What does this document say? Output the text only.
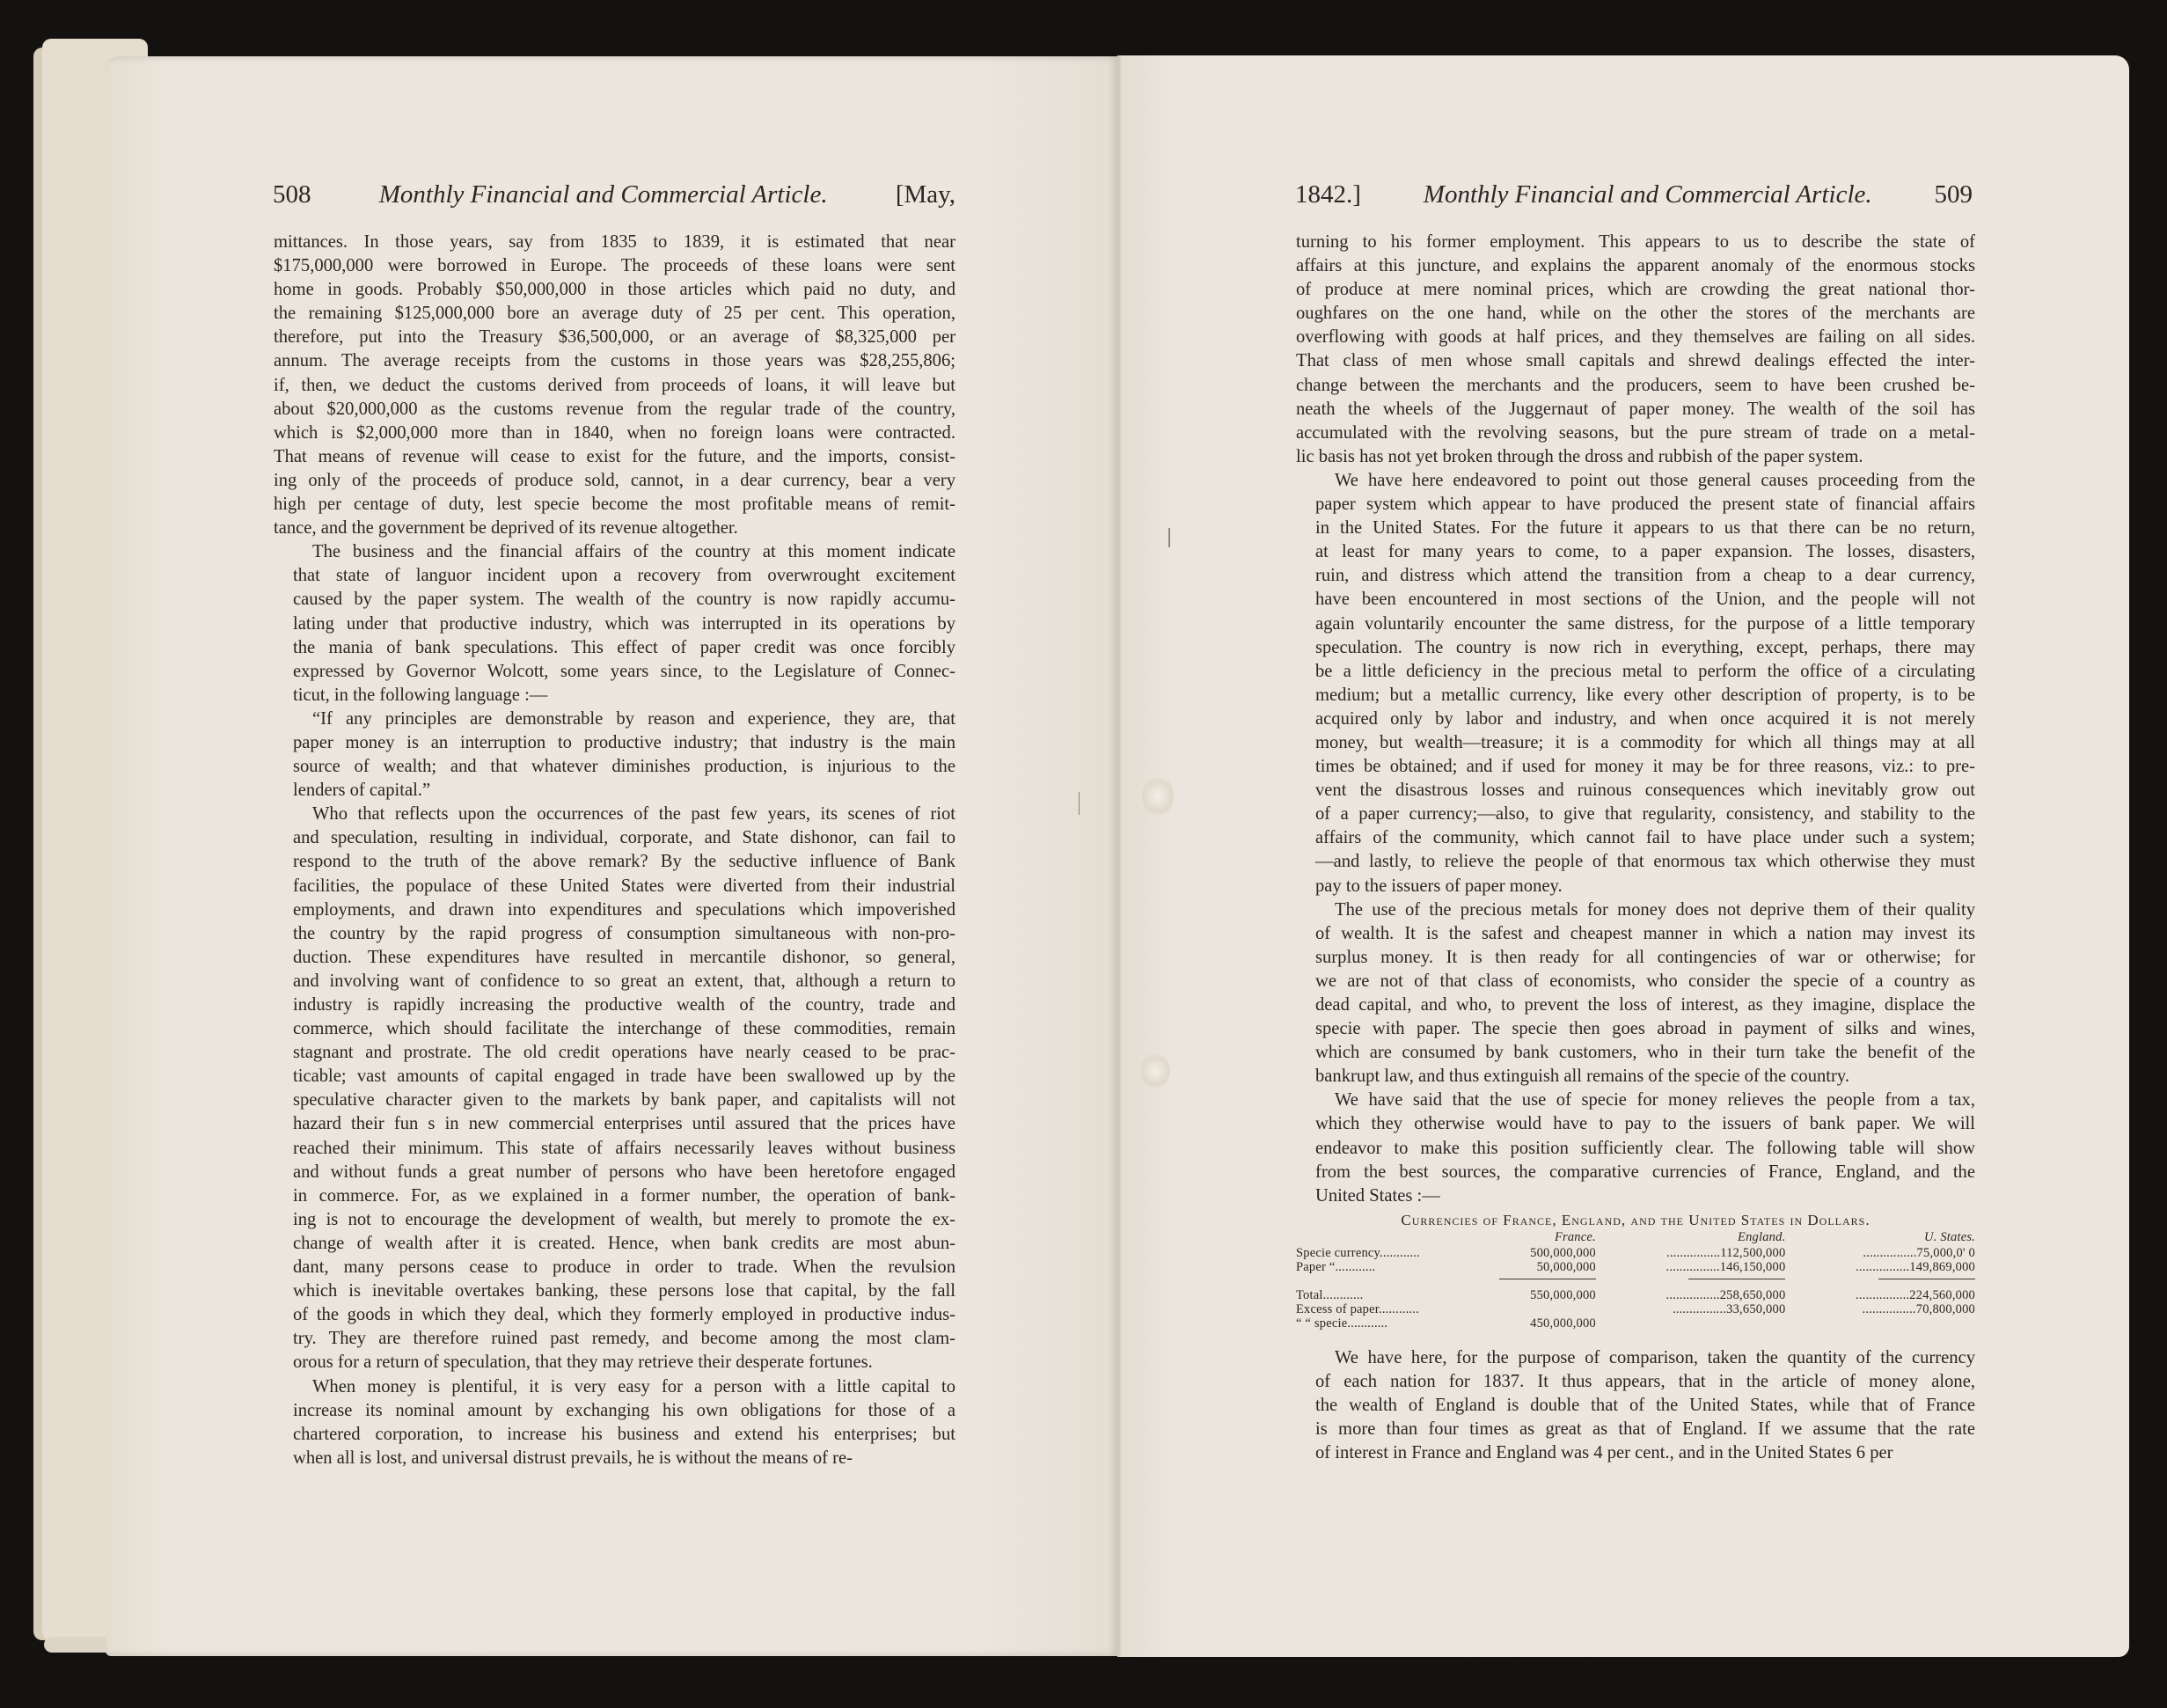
508	Monthly Financial and Commercial Article.	[May,	1842.] Monthly Financial and Commercial Article. 509

mittances. In those years, say from 1835 to 1839, it is estimated that near
$175,000,000 were borrowed in Europe. The proceeds of these loans were sent
home in goods. Probably $50,000,000 in those articles which paid no duty, and
the remaining $125,000,000 bore an average duty of 25 per cent. This operation,
therefore, put into the Treasury $36,500,000, or an average of $8,325,000 per
annum. The average receipts from the customs in those years was $28,255,806;
if, then, we deduct the customs derived from proceeds of loans, it will leave but
about $20,000,000 as the customs revenue from the regular trade of the country,
which is $2,000,000 more than in 1840, when no foreign loans were contracted.
That means of revenue will cease to exist for the future, and the imports, consist-
ing only of the proceeds of produce sold, cannot, in a dear currency, bear a very
high per centage of duty, lest specie become the most profitable means of remit-
tance, and the government be deprived of its revenue altogether.

The business and the financial affairs of the country at this moment indicate
that state of languor incident upon a recovery from overwrought excitement
caused by the paper system. The wealth of the country is now rapidly accumu-
lating under that productive industry, which was interrupted in its operations by
the mania of bank speculations. This effect of paper credit was once forcibly
expressed by Governor Wolcott, some years since, to the Legislature of Connec-
ticut, in the following language :—

“If any principles are demonstrable by reason and experience, they are, that
paper money is an interruption to productive industry; that industry is the main
source of wealth; and that whatever diminishes production, is injurious to the
lenders of capital.”

Who that reflects upon the occurrences of the past few years, its scenes of riot
and speculation, resulting in individual, corporate, and State dishonor, can fail to
respond to the truth of the above remark? By the seductive influence of Bank
facilities, the populace of these United States were diverted from their industrial
employments, and drawn into expenditures and speculations which impoverished
the country by the rapid progress of consumption simultaneous with non-pro-
duction. These expenditures have resulted in mercantile dishonor, so general,
and involving want of confidence to so great an extent, that, although a return to
industry is rapidly increasing the productive wealth of the country, trade and
commerce, which should facilitate the interchange of these commodities, remain
stagnant and prostrate. The old credit operations have nearly ceased to be prac-
ticable; vast amounts of capital engaged in trade have been swallowed up by the
speculative character given to the markets by bank paper, and capitalists will not
hazard their fun s in new commercial enterprises until assured that the prices have
reached their minimum. This state of affairs necessarily leaves without business
and without funds a great number of persons who have been heretofore engaged
in commerce. For, as we explained in a former number, the operation of bank-
ing is not to encourage the development of wealth, but merely to promote the ex-
change of wealth after it is created. Hence, when bank credits are most abun-
dant, many persons cease to produce in order to trade. When the revulsion
which is inevitable overtakes banking, these persons lose that capital, by the fall
of the goods in which they deal, which they formerly employed in productive indus-
try. They are therefore ruined past remedy, and become among the most clam-
orous for a return of speculation, that they may retrieve their desperate fortunes.

When money is plentiful, it is very easy for a person with a little capital to
increase its nominal amount by exchanging his own obligations for those of a
chartered corporation, to increase his business and extend his enterprises; but
when all is lost, and universal distrust prevails, he is without the means of re-

turning to his former employment. This appears to us to describe the state of
affairs at this juncture, and explains the apparent anomaly of the enormous stocks
of produce at mere nominal prices, which are crowding the great national thor-
oughfares on the one hand, while on the other the stores of the merchants are
overflowing with goods at half prices, and they themselves are failing on all sides.
That class of men whose small capitals and shrewd dealings effected the inter-
change between the merchants and the producers, seem to have been crushed be-
neath the wheels of the Juggernaut of paper money. The wealth of the soil has
accumulated with the revolving seasons, but the pure stream of trade on a metal-
lic basis has not yet broken through the dross and rubbish of the paper system.

We have here endeavored to point out those general causes proceeding from the
paper system which appear to have produced the present state of financial affairs
in the United States. For the future it appears to us that there can be no return,
at least for many years to come, to a paper expansion. The losses, disasters,
ruin, and distress which attend the transition from a cheap to a dear currency,
have been encountered in most sections of the Union, and the people will not
again voluntarily encounter the same distress, for the purpose of a little temporary
speculation. The country is now rich in everything, except, perhaps, there may
be a little deficiency in the precious metal to perform the office of a circulating
medium; but a metallic currency, like every other description of property, is to be
acquired only by labor and industry, and when once acquired it is not merely
money, but wealth—treasure; it is a commodity for which all things may at all
times be obtained; and if used for money it may be for three reasons, viz.: to pre-
vent the disastrous losses and ruinous consequences which inevitably grow out
of a paper currency;—also, to give that regularity, consistency, and stability to the
affairs of the community, which cannot fail to have place under such a system;
—and lastly, to relieve the people of that enormous tax which otherwise they must
pay to the issuers of paper money.

The use of the precious metals for money does not deprive them of their quality
of wealth. It is the safest and cheapest manner in which a nation may invest its
surplus money. It is then ready for all contingencies of war or otherwise; for
we are not of that class of economists, who consider the specie of a country as
dead capital, and who, to prevent the loss of interest, as they imagine, displace the
specie with paper. The specie then goes abroad in payment of silks and wines,
which are consumed by bank customers, who in their turn take the benefit of the
bankrupt law, and thus extinguish all remains of the specie of the country.

We have said that the use of specie for money relieves the people from a tax,
which they otherwise would have to pay to the issuers of bank paper. We will
endeavor to make this position sufficiently clear. The following table will show
from the best sources, the comparative currencies of France, England, and the
United States :—

Currencies of France, England, and the United States in Dollars.
	France.	England.	U. States.
Specie currency............	500,000,000	................112,500,000	................75,000,0' 0
Paper “............	50,000,000	................146,150,000	................149,869,000

Total............	550,000,000	................258,650,000	................224,560,000
Excess of paper............		................33,650,000	................70,800,000
“ “ specie............	450,000,000		

We have here, for the purpose of comparison, taken the quantity of the currency
of each nation for 1837. It thus appears, that in the article of money alone,
the wealth of England is double that of the United States, while that of France
is more than four times as great as that of England. If we assume that the rate
of interest in France and England was 4 per cent., and in the United States 6 per
